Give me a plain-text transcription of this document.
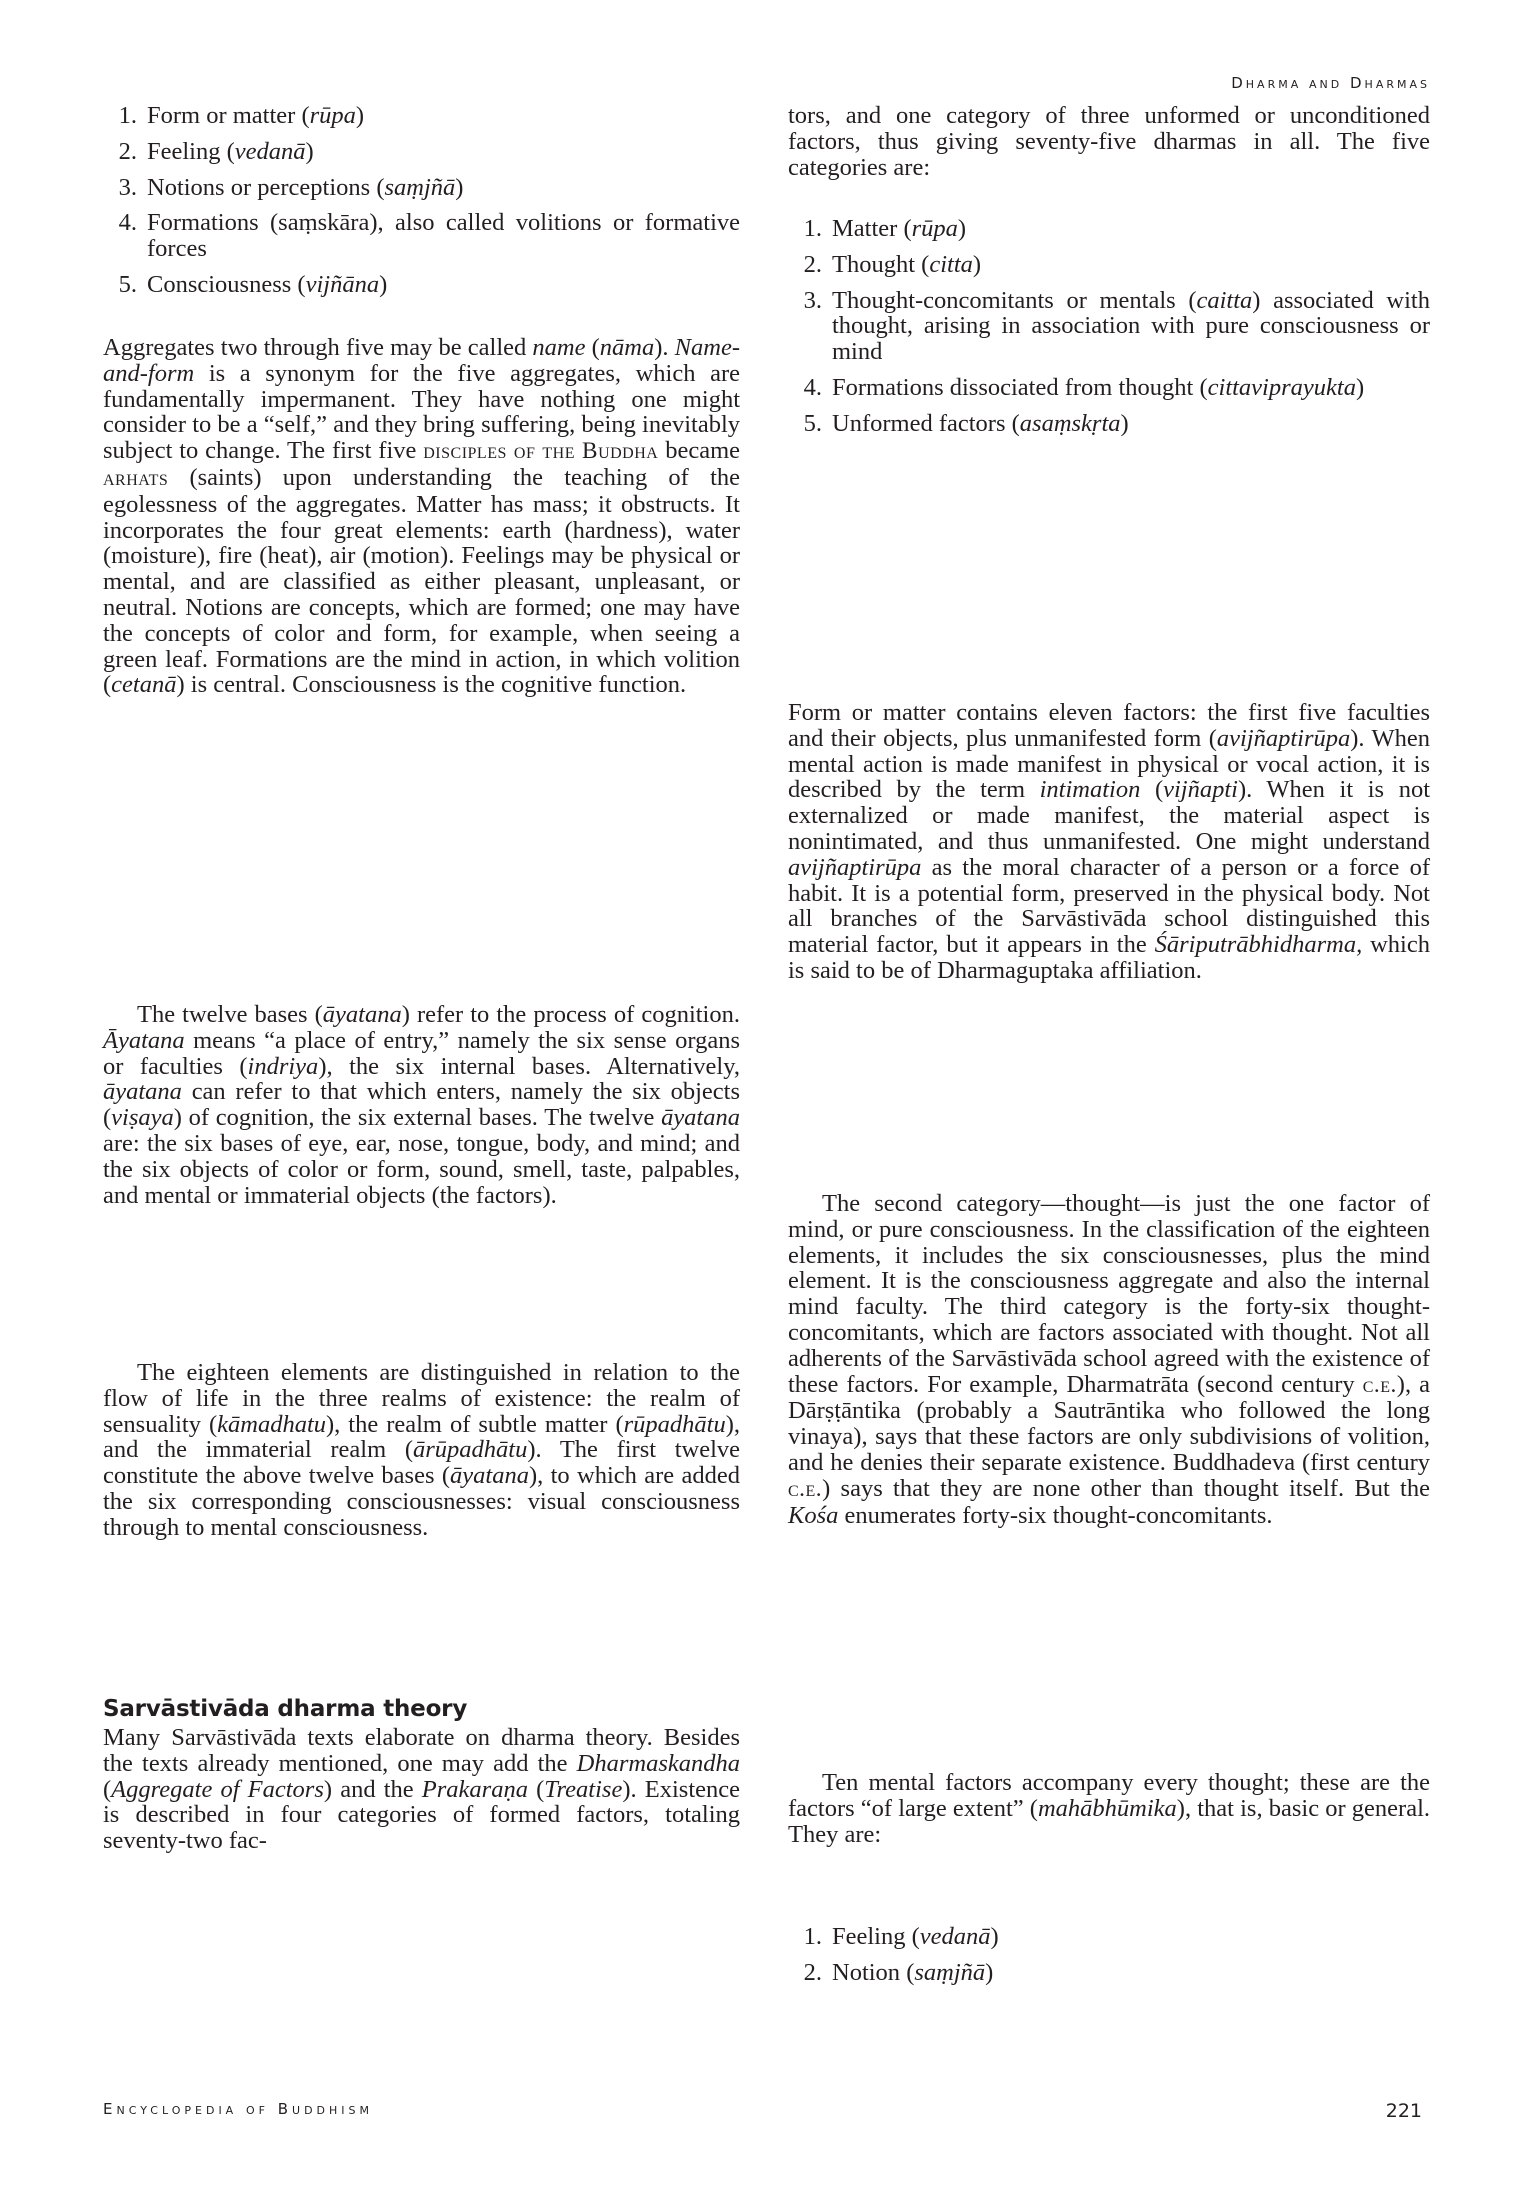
Dharma and Dharmas
1. Form or matter (rūpa)
2. Feeling (vedanā)
3. Notions or perceptions (saṃjñā)
4. Formations (saṃskāra), also called volitions or formative forces
5. Consciousness (vijñāna)

Aggregates two through five may be called name (nāma). Name-and-form is a synonym for the five aggregates, which are fundamentally impermanent. They have nothing one might consider to be a “self,” and they bring suffering, being inevitably subject to change. The first five disciples of the Buddha became arhats (saints) upon understanding the teaching of the egolessness of the aggregates. Matter has mass; it obstructs. It incorporates the four great elements: earth (hardness), water (moisture), fire (heat), air (motion). Feelings may be physical or mental, and are classified as either pleasant, unpleasant, or neutral. Notions are concepts, which are formed; one may have the concepts of color and form, for example, when seeing a green leaf. Formations are the mind in action, in which volition (cetanā) is central. Consciousness is the cognitive function.

The twelve bases (āyatana) refer to the process of cognition. Āyatana means “a place of entry,” namely the six sense organs or faculties (indriya), the six internal bases. Alternatively, āyatana can refer to that which enters, namely the six objects (viṣaya) of cognition, the six external bases. The twelve āyatana are: the six bases of eye, ear, nose, tongue, body, and mind; and the six objects of color or form, sound, smell, taste, palpables, and mental or immaterial objects (the factors).

The eighteen elements are distinguished in relation to the flow of life in the three realms of existence: the realm of sensuality (kāmadhatu), the realm of subtle matter (rūpadhātu), and the immaterial realm (ārūpadhātu). The first twelve constitute the above twelve bases (āyatana), to which are added the six corresponding consciousnesses: visual consciousness through to mental consciousness.

Sarvāstivāda dharma theory

Many Sarvāstivāda texts elaborate on dharma theory. Besides the texts already mentioned, one may add the Dharmaskandha (Aggregate of Factors) and the Prakaraṇa (Treatise). Existence is described in four categories of formed factors, totaling seventy-two fac-

tors, and one category of three unformed or unconditioned factors, thus giving seventy-five dharmas in all. The five categories are:

1. Matter (rūpa)
2. Thought (citta)
3. Thought-concomitants or mentals (caitta) associated with thought, arising in association with pure consciousness or mind
4. Formations dissociated from thought (cittaviprayukta)
5. Unformed factors (asaṃskṛta)

Form or matter contains eleven factors: the first five faculties and their objects, plus unmanifested form (avijñaptirūpa). When mental action is made manifest in physical or vocal action, it is described by the term intimation (vijñapti). When it is not externalized or made manifest, the material aspect is nonintimated, and thus unmanifested. One might understand avijñaptirūpa as the moral character of a person or a force of habit. It is a potential form, preserved in the physical body. Not all branches of the Sarvāstivāda school distinguished this material factor, but it appears in the Śāriputrābhidharma, which is said to be of Dharmaguptaka affiliation.

The second category—thought—is just the one factor of mind, or pure consciousness. In the classification of the eighteen elements, it includes the six consciousnesses, plus the mind element. It is the consciousness aggregate and also the internal mind faculty. The third category is the forty-six thought-concomitants, which are factors associated with thought. Not all adherents of the Sarvāstivāda school agreed with the existence of these factors. For example, Dharmatrāta (second century c.e.), a Dārṣṭāntika (probably a Sautrāntika who followed the long vinaya), says that these factors are only subdivisions of volition, and he denies their separate existence. Buddhadeva (first century c.e.) says that they are none other than thought itself. But the Kośa enumerates forty-six thought-concomitants.

Ten mental factors accompany every thought; these are the factors “of large extent” (mahābhūmika), that is, basic or general. They are:

1. Feeling (vedanā)
2. Notion (saṃjñā)
Encyclopedia of Buddhism	221
